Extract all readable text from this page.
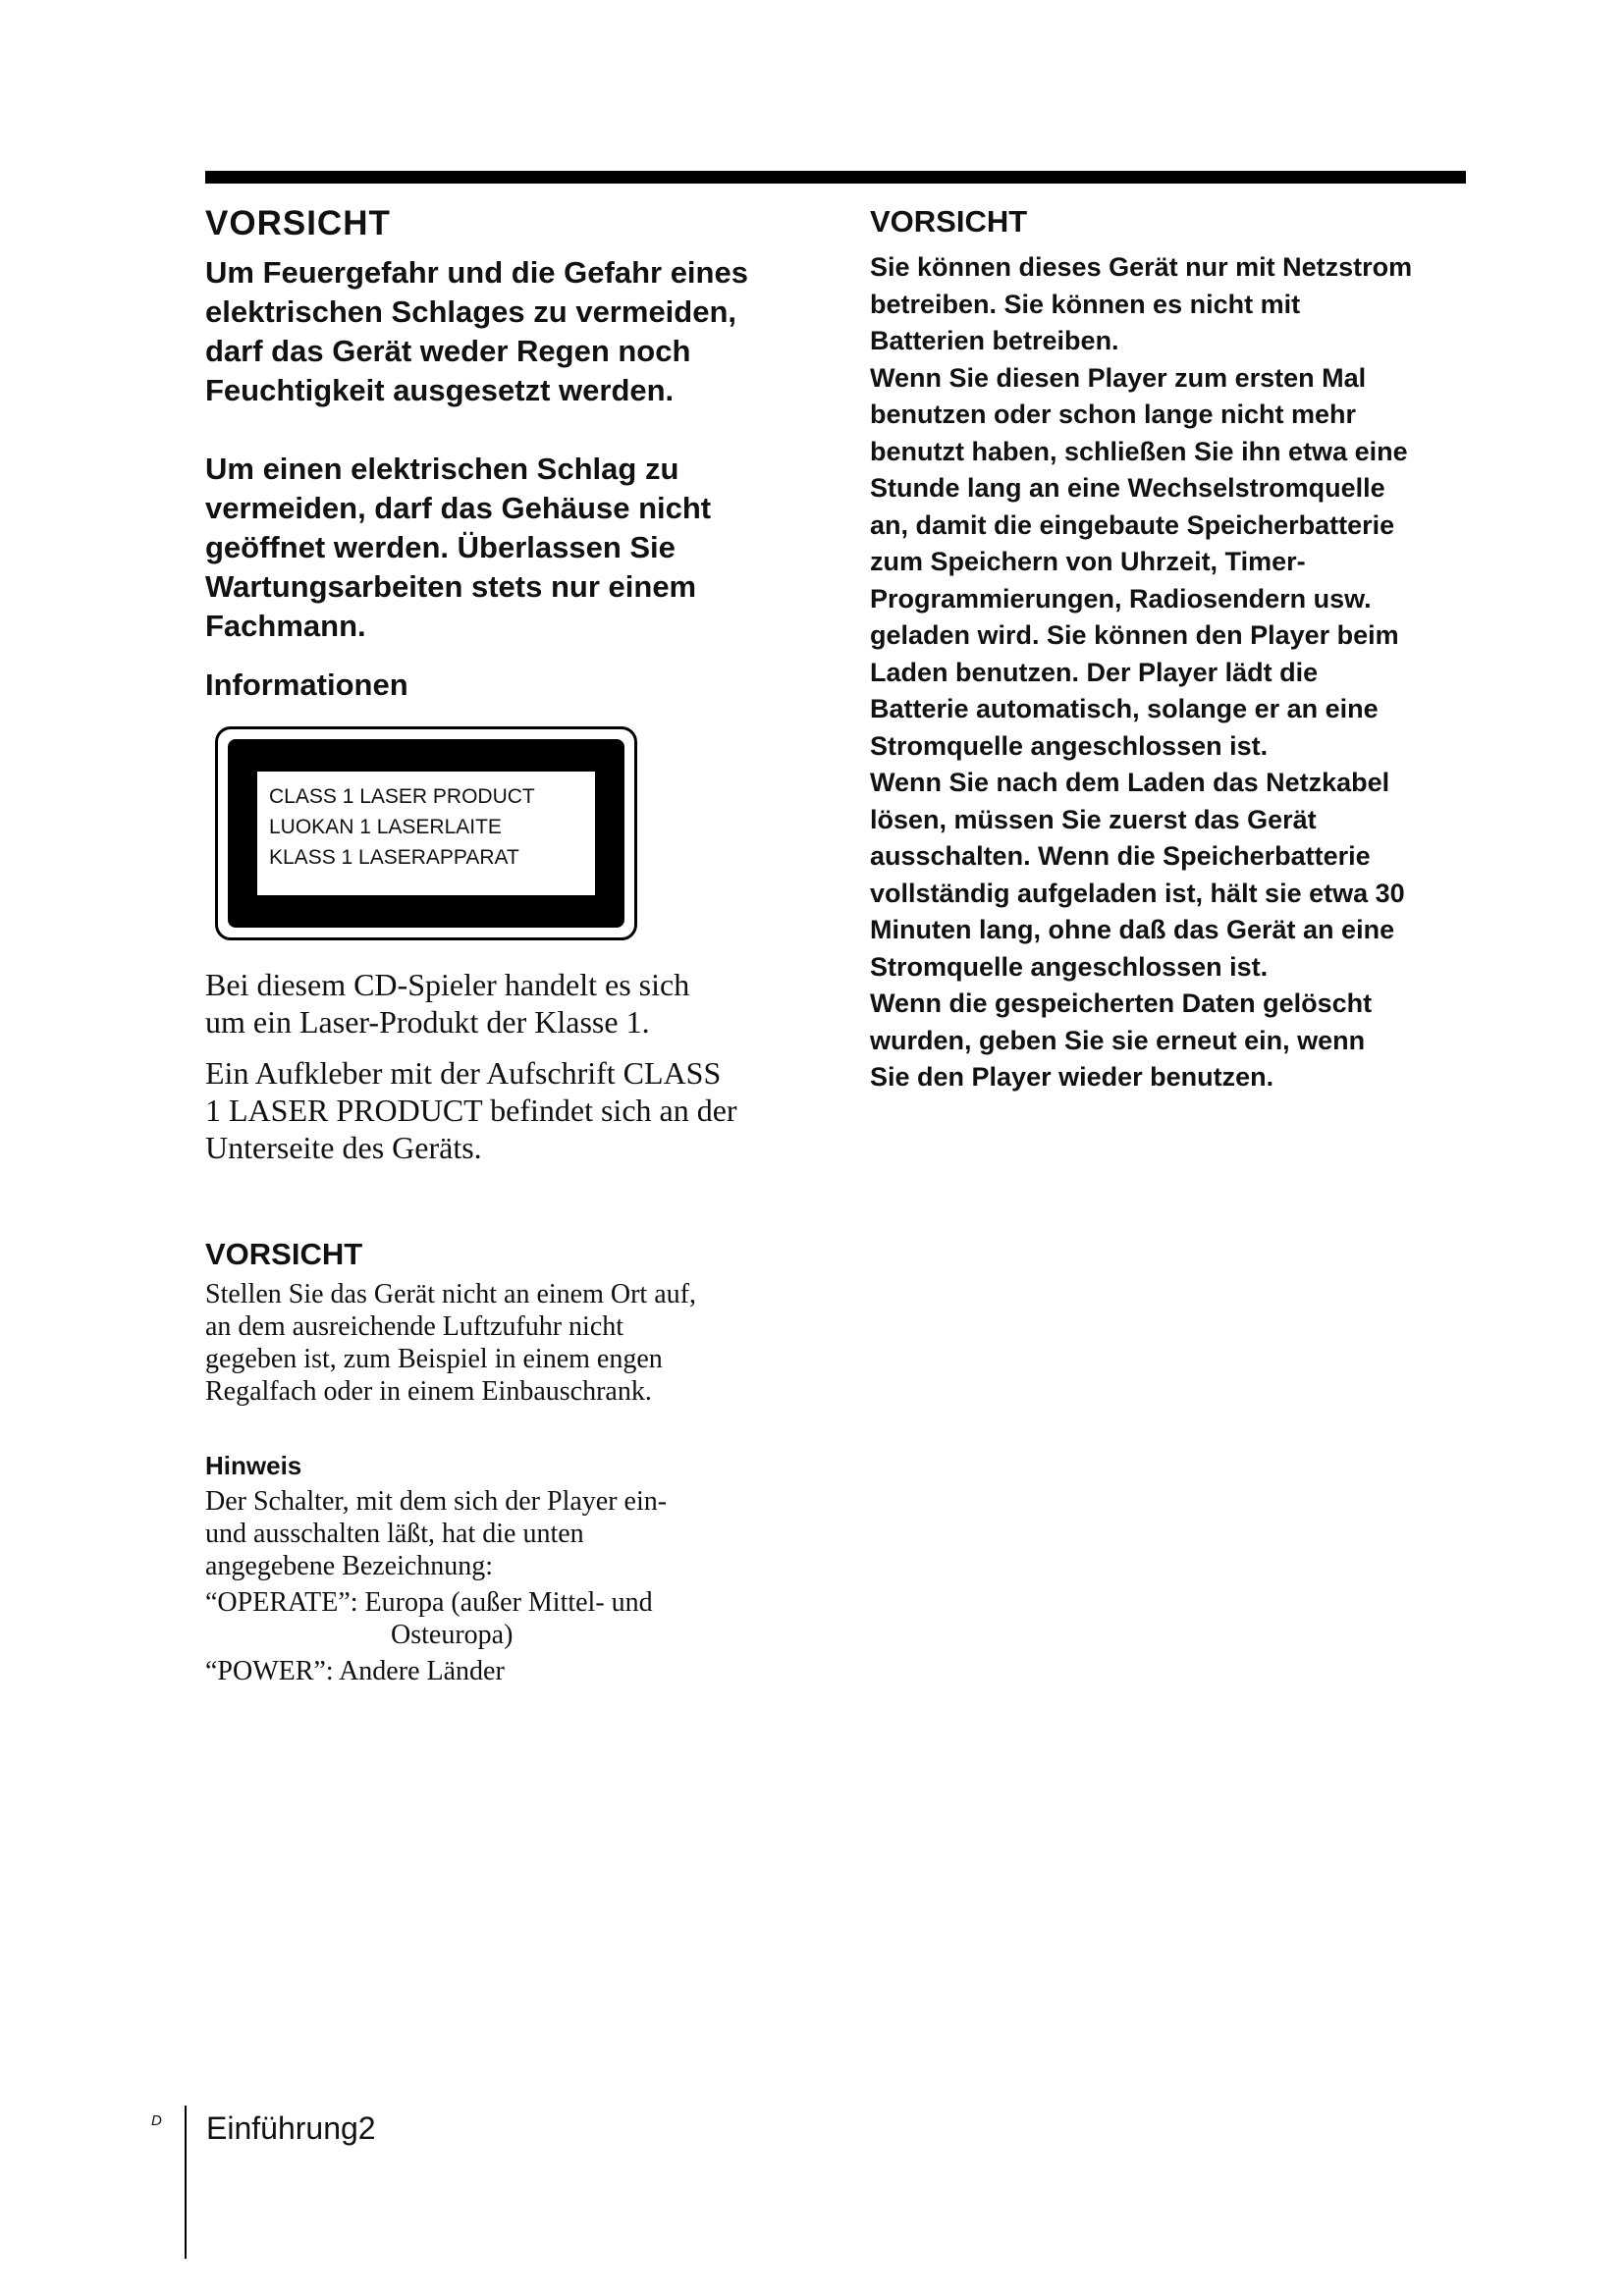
VORSICHT

Um Feuergefahr und die Gefahr eines

elektrischen Schlages zu vermeiden,

darf das Gerät weder Regen noch

Feuchtigkeit ausgesetzt werden.

Um einen elektrischen Schlag zu

vermeiden, darf das Gehäuse nicht

geöffnet werden. Überlassen Sie

Wartungsarbeiten stets nur einem

Fachmann.

Informationen
CLASS 1 LASER PRODUCT
LUOKAN 1 LASERLAITE
KLASS 1 LASERAPPARAT

Bei diesem CD-Spieler handelt es sich

um ein Laser-Produkt der Klasse 1.

Ein Aufkleber mit der Aufschrift CLASS

1 LASER PRODUCT befindet sich an der

Unterseite des Geräts.

VORSICHT

Stellen Sie das Gerät nicht an einem Ort auf,

an dem ausreichende Luftzufuhr nicht

gegeben ist, zum Beispiel in einem engen

Regalfach oder in einem Einbauschrank.

Hinweis

Der Schalter, mit dem sich der Player ein-

und ausschalten läßt, hat die unten

angegebene Bezeichnung:

“OPERATE”: Europa (außer Mittel- und

Osteuropa)

“POWER”: Andere Länder

VORSICHT

Sie können dieses Gerät nur mit Netzstrom

betreiben. Sie können es nicht mit

Batterien betreiben.

Wenn Sie diesen Player zum ersten Mal

benutzen oder schon lange nicht mehr

benutzt haben, schließen Sie ihn etwa eine

Stunde lang an eine Wechselstromquelle

an, damit die eingebaute Speicherbatterie

zum Speichern von Uhrzeit, Timer-

Programmierungen, Radiosendern usw.

geladen wird. Sie können den Player beim

Laden benutzen. Der Player lädt die

Batterie automatisch, solange er an eine

Stromquelle angeschlossen ist.

Wenn Sie nach dem Laden das Netzkabel

lösen, müssen Sie zuerst das Gerät

ausschalten. Wenn die Speicherbatterie

vollständig aufgeladen ist, hält sie etwa 30

Minuten lang, ohne daß das Gerät an eine

Stromquelle angeschlossen ist.

Wenn die gespeicherten Daten gelöscht

wurden, geben Sie sie erneut ein, wenn

Sie den Player wieder benutzen.

D Einführung2
